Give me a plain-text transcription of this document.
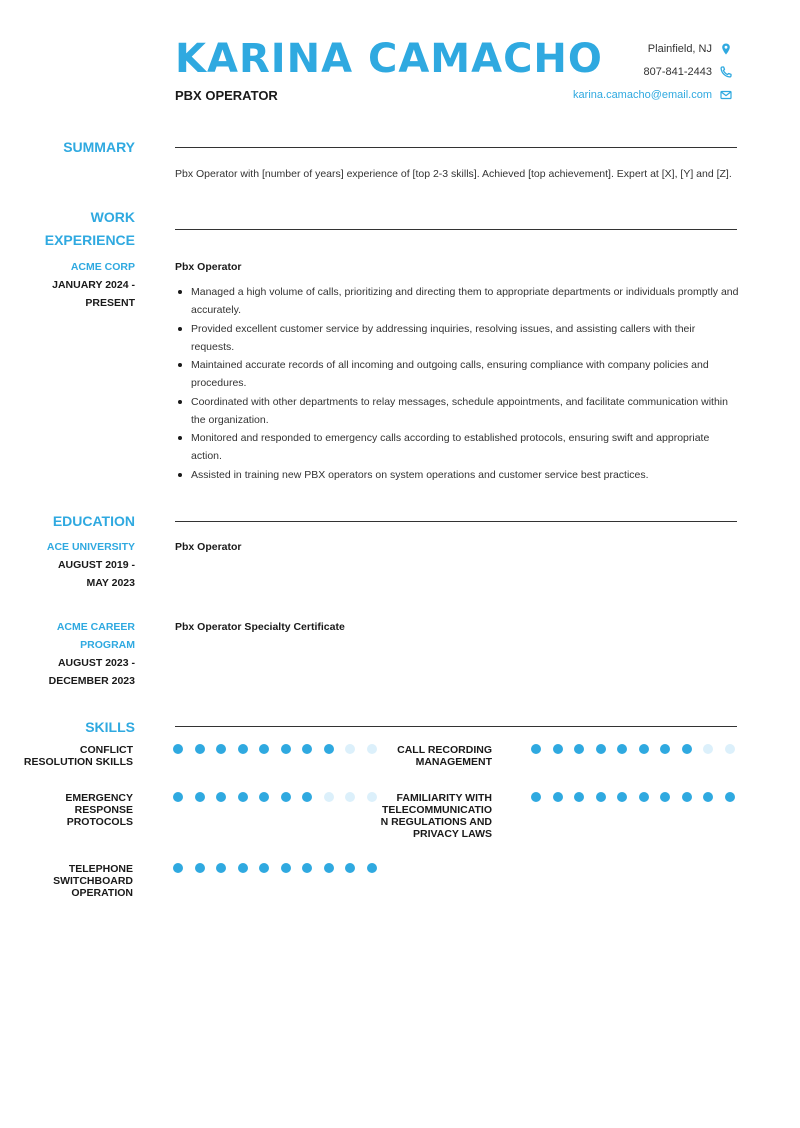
KARINA CAMACHO
PBX OPERATOR
Plainfield, NJ
807-841-2443
karina.camacho@email.com
SUMMARY
Pbx Operator with [number of years] experience of [top 2-3 skills]. Achieved [top achievement]. Expert at [X], [Y] and [Z].
WORK
EXPERIENCE
ACME CORP
JANUARY 2024 -
PRESENT
Pbx Operator
Managed a high volume of calls, prioritizing and directing them to appropriate departments or individuals promptly and accurately.
Provided excellent customer service by addressing inquiries, resolving issues, and assisting callers with their requests.
Maintained accurate records of all incoming and outgoing calls, ensuring compliance with company policies and procedures.
Coordinated with other departments to relay messages, schedule appointments, and facilitate communication within the organization.
Monitored and responded to emergency calls according to established protocols, ensuring swift and appropriate action.
Assisted in training new PBX operators on system operations and customer service best practices.
EDUCATION
ACE UNIVERSITY
AUGUST 2019 -
MAY 2023
Pbx Operator
ACME CAREER
PROGRAM
AUGUST 2023 -
DECEMBER 2023
Pbx Operator Specialty Certificate
SKILLS
CONFLICT
RESOLUTION SKILLS
CALL RECORDING
MANAGEMENT
EMERGENCY
RESPONSE
PROTOCOLS
FAMILIARITY WITH
TELECOMMUNICATIO
N REGULATIONS AND
PRIVACY LAWS
TELEPHONE
SWITCHBOARD
OPERATION
